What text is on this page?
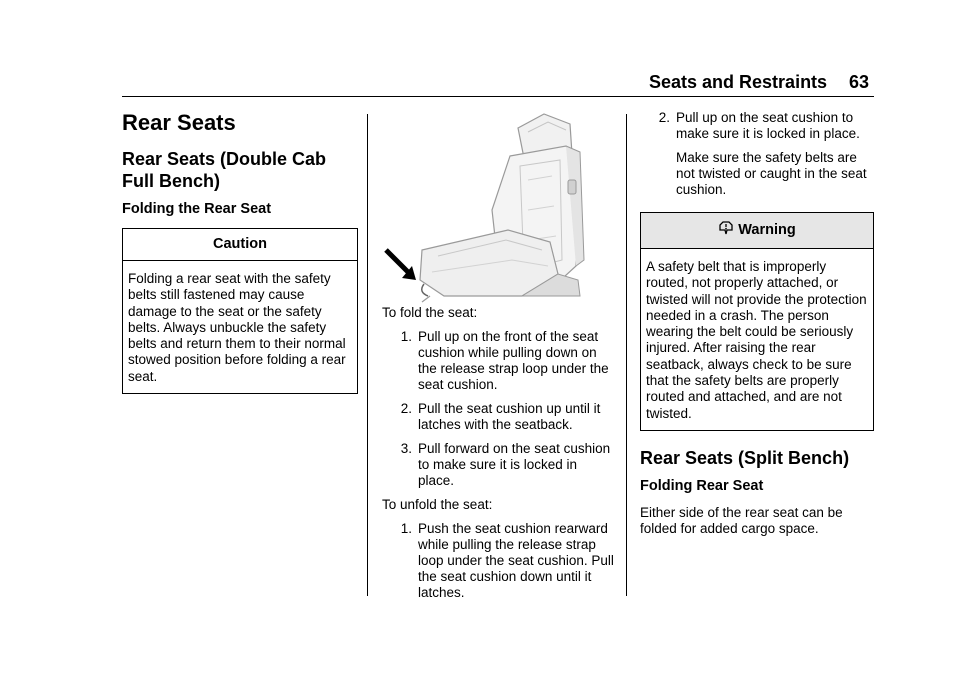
Seats and Restraints 63
Rear Seats
Rear Seats (Double Cab Full Bench)
Folding the Rear Seat
Caution
Folding a rear seat with the safety belts still fastened may cause damage to the seat or the safety belts. Always unbuckle the safety belts and return them to their normal stowed position before folding a rear seat.
To fold the seat:
1. Pull up on the front of the seat cushion while pulling down on the release strap loop under the seat cushion.
2. Pull the seat cushion up until it latches with the seatback.
3. Pull forward on the seat cushion to make sure it is locked in place.
To unfold the seat:
1. Push the seat cushion rearward while pulling the release strap loop under the seat cushion. Pull the seat cushion down until it latches.
2. Pull up on the seat cushion to make sure it is locked in place.
Make sure the safety belts are not twisted or caught in the seat cushion.
Warning
A safety belt that is improperly routed, not properly attached, or twisted will not provide the protection needed in a crash. The person wearing the belt could be seriously injured. After raising the rear seatback, always check to be sure that the safety belts are properly routed and attached, and are not twisted.
Rear Seats (Split Bench)
Folding Rear Seat
Either side of the rear seat can be folded for added cargo space.
